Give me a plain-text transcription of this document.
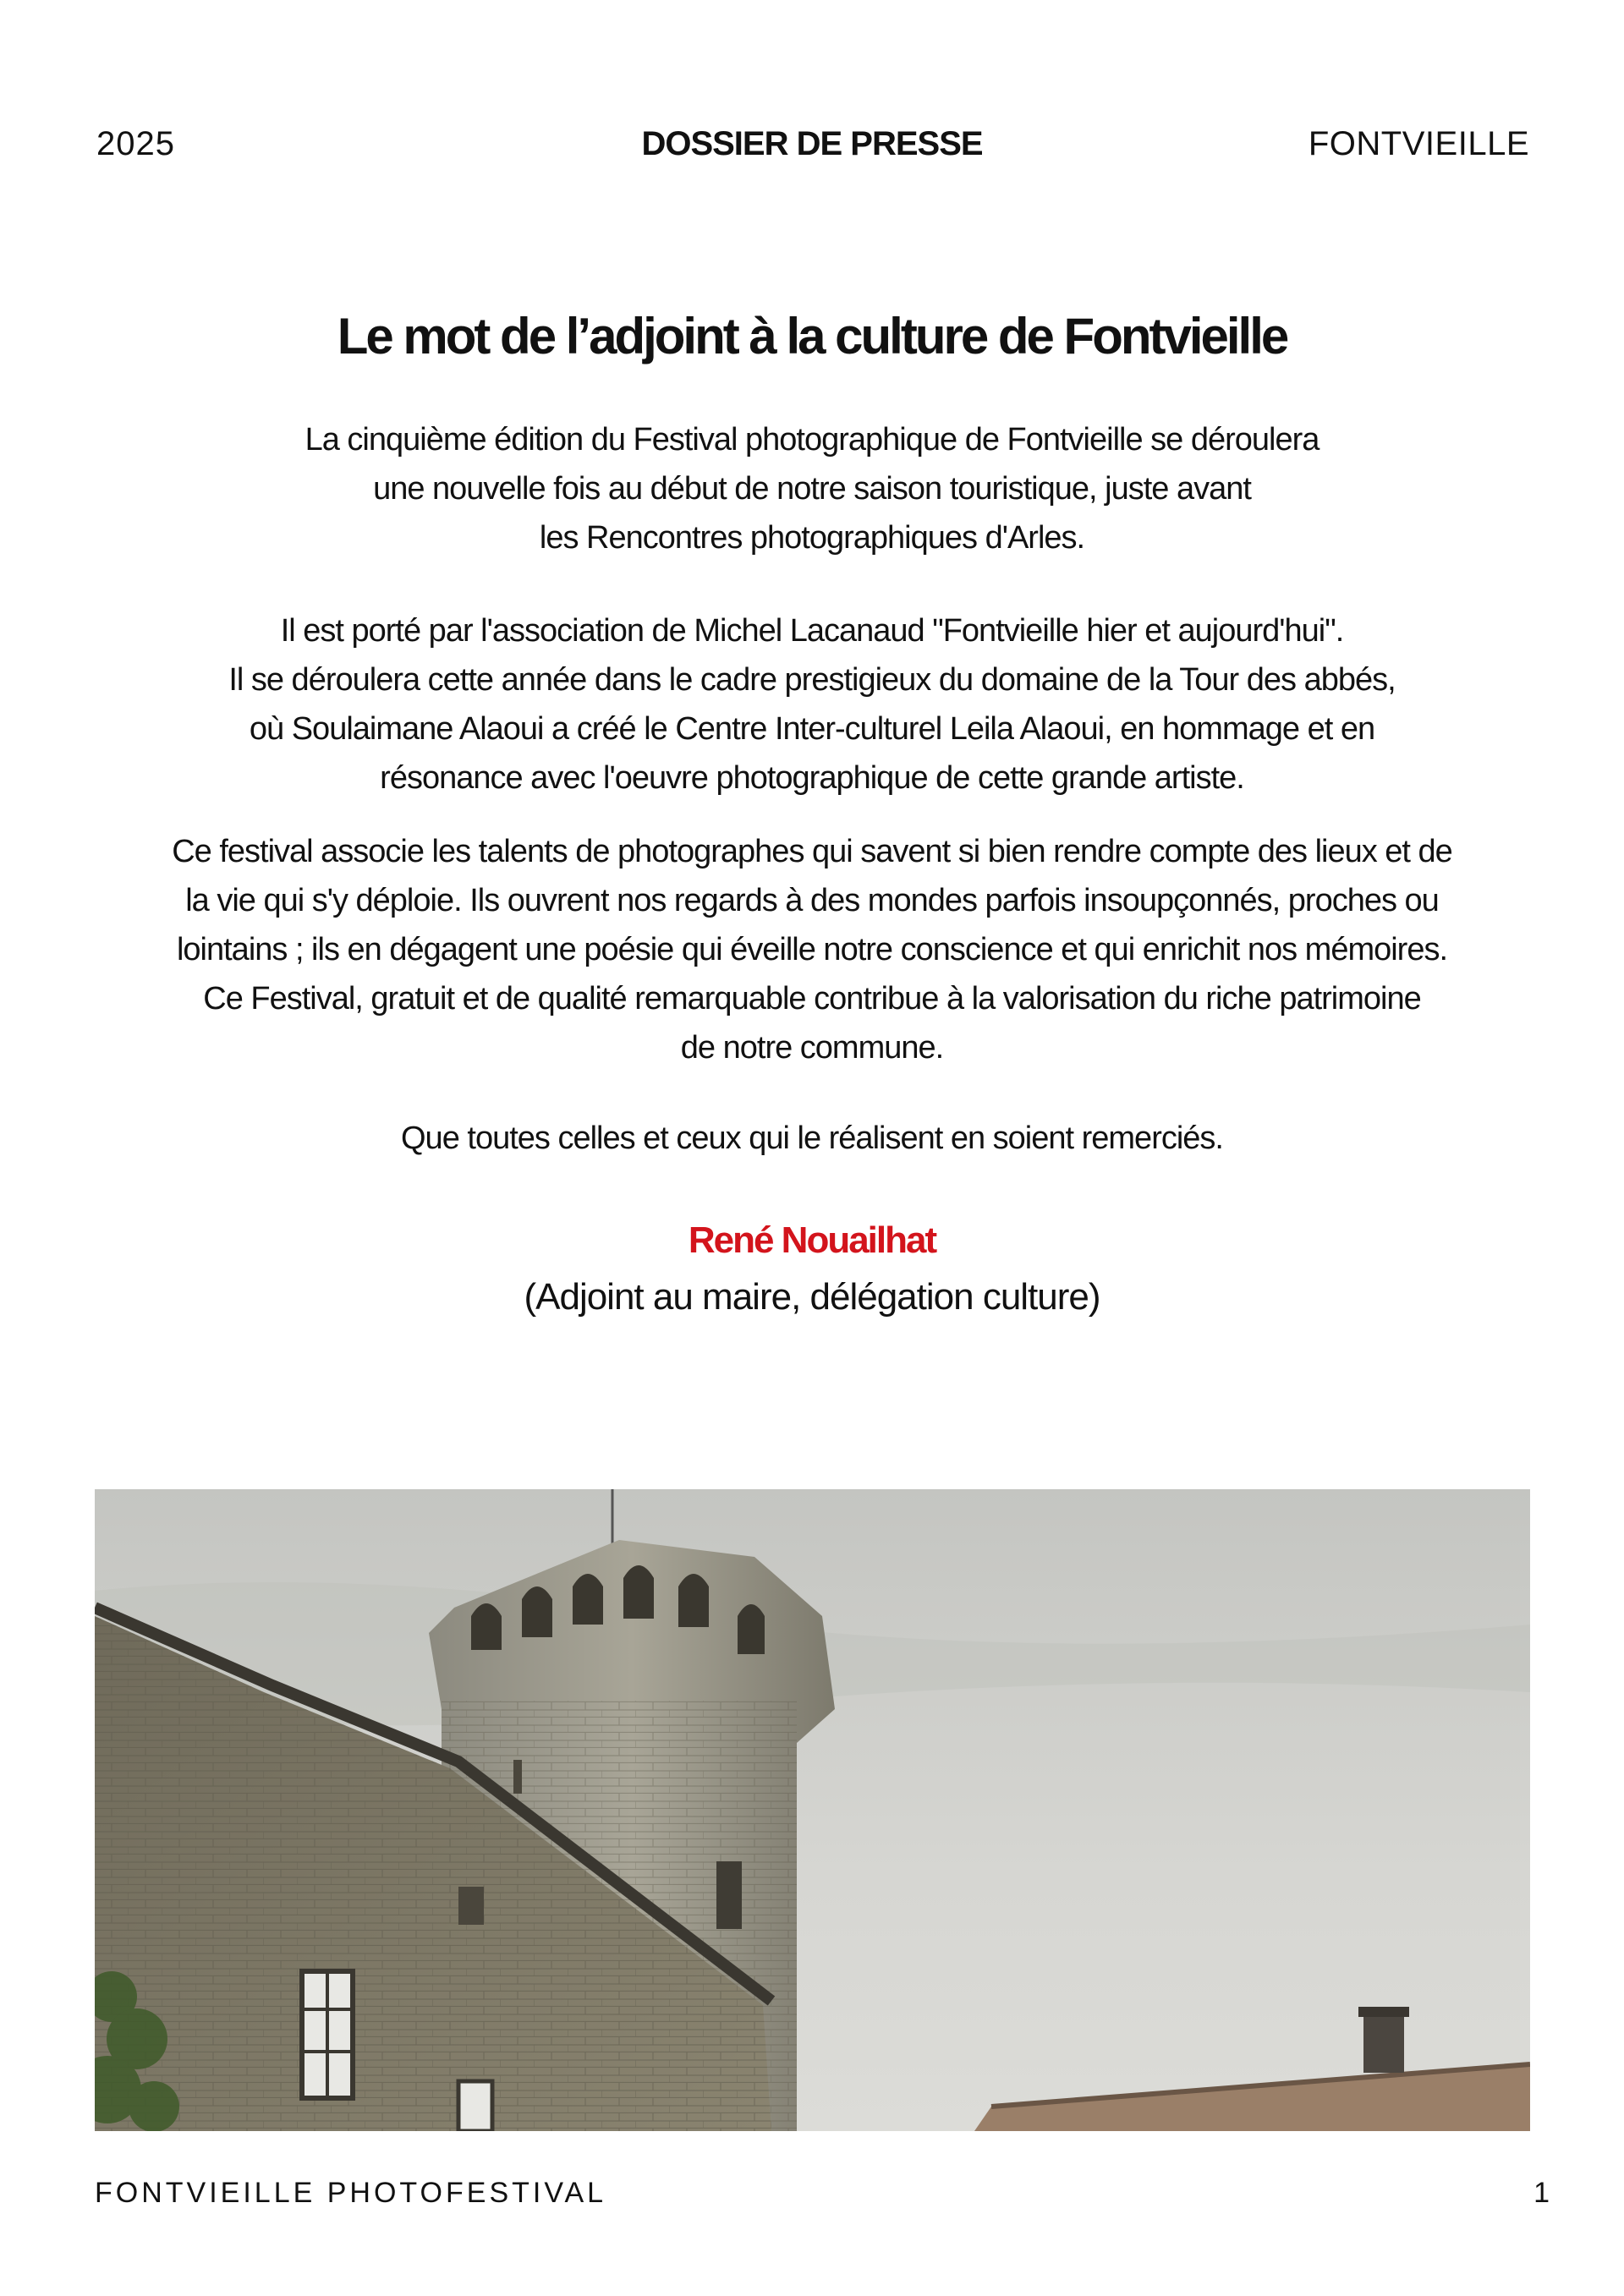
2025	DOSSIER DE PRESSE	FONTVIEILLE
Le mot de l’adjoint à la culture de Fontvieille

La cinquième édition du Festival photographique de Fontvieille se déroulera
une nouvelle fois au début de notre saison touristique, juste avant
les Rencontres photographiques d'Arles.

Il est porté par l'association de Michel Lacanaud "Fontvieille hier et aujourd'hui".
Il se déroulera cette année dans le cadre prestigieux du domaine de la Tour des abbés,
où Soulaimane Alaoui a créé le Centre Inter-culturel Leila Alaoui, en hommage et en
résonance avec l'oeuvre photographique de cette grande artiste.

Ce festival associe les talents de photographes qui savent si bien rendre compte des lieux et de
la vie qui s'y déploie. Ils ouvrent nos regards à des mondes parfois insoupçonnés, proches ou
lointains ; ils en dégagent une poésie qui éveille notre conscience et qui enrichit nos mémoires.
Ce Festival, gratuit et de qualité remarquable contribue à la valorisation du riche patrimoine
de notre commune.

Que toutes celles et ceux qui le réalisent en soient remerciés.

René Nouailhat
(Adjoint au maire, délégation culture)
FONTVIEILLE PHOTOFESTIVAL	1
